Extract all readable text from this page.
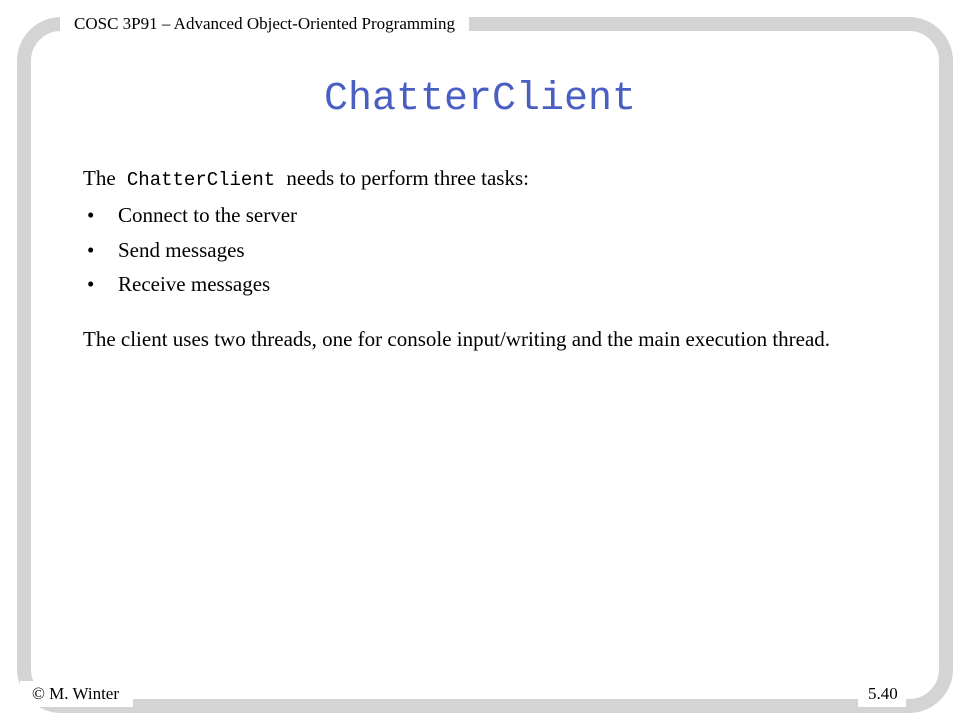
COSC 3P91 – Advanced Object-Oriented Programming
ChatterClient

The ChatterClient needs to perform three tasks:

• Connect to the server
• Send messages
• Receive messages

The client uses two threads, one for console input/writing and the main execution thread.

© M. Winter	5.40
